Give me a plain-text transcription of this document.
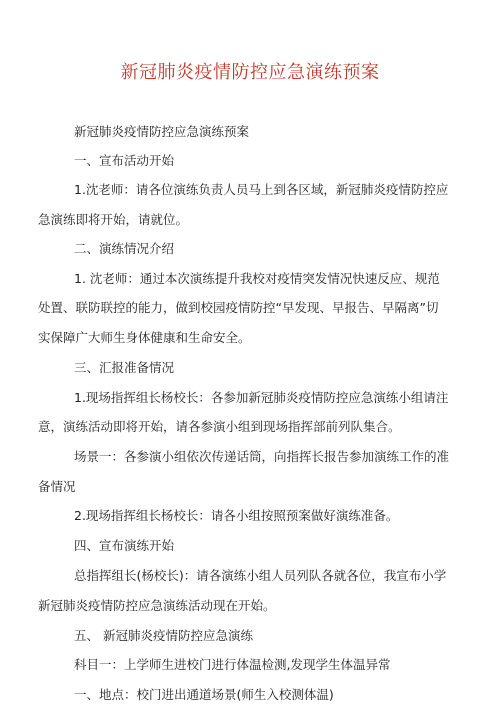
新冠肺炎疫情防控应急演练预案
新冠肺炎疫情防控应急演练预案
一、宣布活动开始
1.沈老师：请各位演练负责人员马上到各区域，新冠肺炎疫情防控应
急演练即将开始，请就位。
二、演练情况介绍
1. 沈老师：通过本次演练提升我校对疫情突发情况快速反应、规范
处置、联防联控的能力，做到校园疫情防控“早发现、早报告、早隔离”切
实保障广大师生身体健康和生命安全。
三、汇报准备情况
1.现场指挥组长杨校长：各参加新冠肺炎疫情防控应急演练小组请注
意，演练活动即将开始，请各参演小组到现场指挥部前列队集合。
场景一：各参演小组依次传递话筒，向指挥长报告参加演练工作的准
备情况
2.现场指挥组长杨校长：请各小组按照预案做好演练准备。
四、宣布演练开始
总指挥组长(杨校长)：请各演练小组人员列队各就各位，我宣布小学
新冠肺炎疫情防控应急演练活动现在开始。
五、 新冠肺炎疫情防控应急演练
科目一：上学师生进校门进行体温检测,发现学生体温异常
一、地点：校门进出通道场景(师生入校测体温)
